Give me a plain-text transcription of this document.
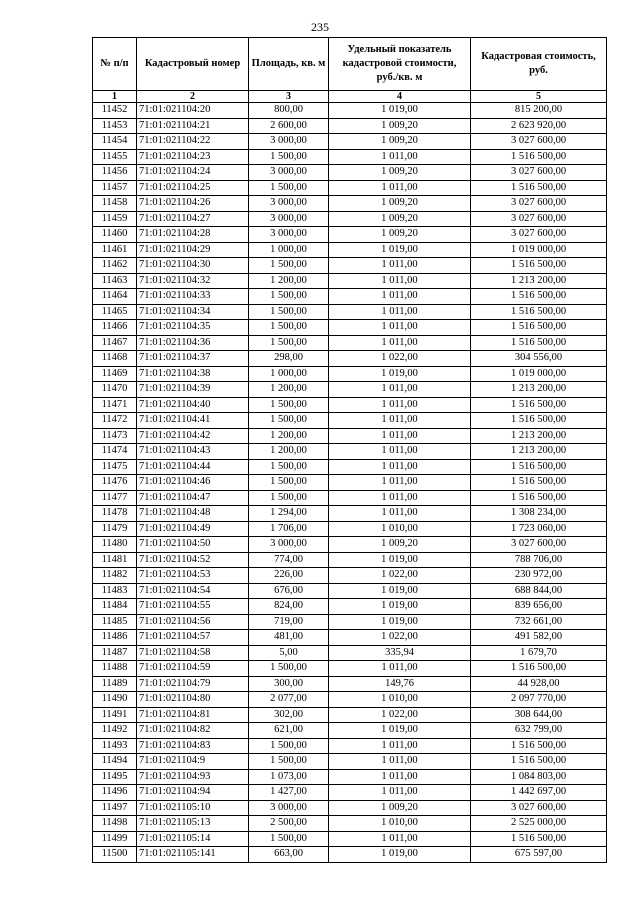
235
№ п/п	Кадастровый номер	Площадь, кв. м	Удельный показатель кадастровой стоимости, руб./кв. м	Кадастровая стоимость, руб.
1	2	3	4	5
11452	71:01:021104:20	800,00	1 019,00	815 200,00
11453	71:01:021104:21	2 600,00	1 009,20	2 623 920,00
11454	71:01:021104:22	3 000,00	1 009,20	3 027 600,00
11455	71:01:021104:23	1 500,00	1 011,00	1 516 500,00
11456	71:01:021104:24	3 000,00	1 009,20	3 027 600,00
11457	71:01:021104:25	1 500,00	1 011,00	1 516 500,00
11458	71:01:021104:26	3 000,00	1 009,20	3 027 600,00
11459	71:01:021104:27	3 000,00	1 009,20	3 027 600,00
11460	71:01:021104:28	3 000,00	1 009,20	3 027 600,00
11461	71:01:021104:29	1 000,00	1 019,00	1 019 000,00
11462	71:01:021104:30	1 500,00	1 011,00	1 516 500,00
11463	71:01:021104:32	1 200,00	1 011,00	1 213 200,00
11464	71:01:021104:33	1 500,00	1 011,00	1 516 500,00
11465	71:01:021104:34	1 500,00	1 011,00	1 516 500,00
11466	71:01:021104:35	1 500,00	1 011,00	1 516 500,00
11467	71:01:021104:36	1 500,00	1 011,00	1 516 500,00
11468	71:01:021104:37	298,00	1 022,00	304 556,00
11469	71:01:021104:38	1 000,00	1 019,00	1 019 000,00
11470	71:01:021104:39	1 200,00	1 011,00	1 213 200,00
11471	71:01:021104:40	1 500,00	1 011,00	1 516 500,00
11472	71:01:021104:41	1 500,00	1 011,00	1 516 500,00
11473	71:01:021104:42	1 200,00	1 011,00	1 213 200,00
11474	71:01:021104:43	1 200,00	1 011,00	1 213 200,00
11475	71:01:021104:44	1 500,00	1 011,00	1 516 500,00
11476	71:01:021104:46	1 500,00	1 011,00	1 516 500,00
11477	71:01:021104:47	1 500,00	1 011,00	1 516 500,00
11478	71:01:021104:48	1 294,00	1 011,00	1 308 234,00
11479	71:01:021104:49	1 706,00	1 010,00	1 723 060,00
11480	71:01:021104:50	3 000,00	1 009,20	3 027 600,00
11481	71:01:021104:52	774,00	1 019,00	788 706,00
11482	71:01:021104:53	226,00	1 022,00	230 972,00
11483	71:01:021104:54	676,00	1 019,00	688 844,00
11484	71:01:021104:55	824,00	1 019,00	839 656,00
11485	71:01:021104:56	719,00	1 019,00	732 661,00
11486	71:01:021104:57	481,00	1 022,00	491 582,00
11487	71:01:021104:58	5,00	335,94	1 679,70
11488	71:01:021104:59	1 500,00	1 011,00	1 516 500,00
11489	71:01:021104:79	300,00	149,76	44 928,00
11490	71:01:021104:80	2 077,00	1 010,00	2 097 770,00
11491	71:01:021104:81	302,00	1 022,00	308 644,00
11492	71:01:021104:82	621,00	1 019,00	632 799,00
11493	71:01:021104:83	1 500,00	1 011,00	1 516 500,00
11494	71:01:021104:9	1 500,00	1 011,00	1 516 500,00
11495	71:01:021104:93	1 073,00	1 011,00	1 084 803,00
11496	71:01:021104:94	1 427,00	1 011,00	1 442 697,00
11497	71:01:021105:10	3 000,00	1 009,20	3 027 600,00
11498	71:01:021105:13	2 500,00	1 010,00	2 525 000,00
11499	71:01:021105:14	1 500,00	1 011,00	1 516 500,00
11500	71:01:021105:141	663,00	1 019,00	675 597,00
